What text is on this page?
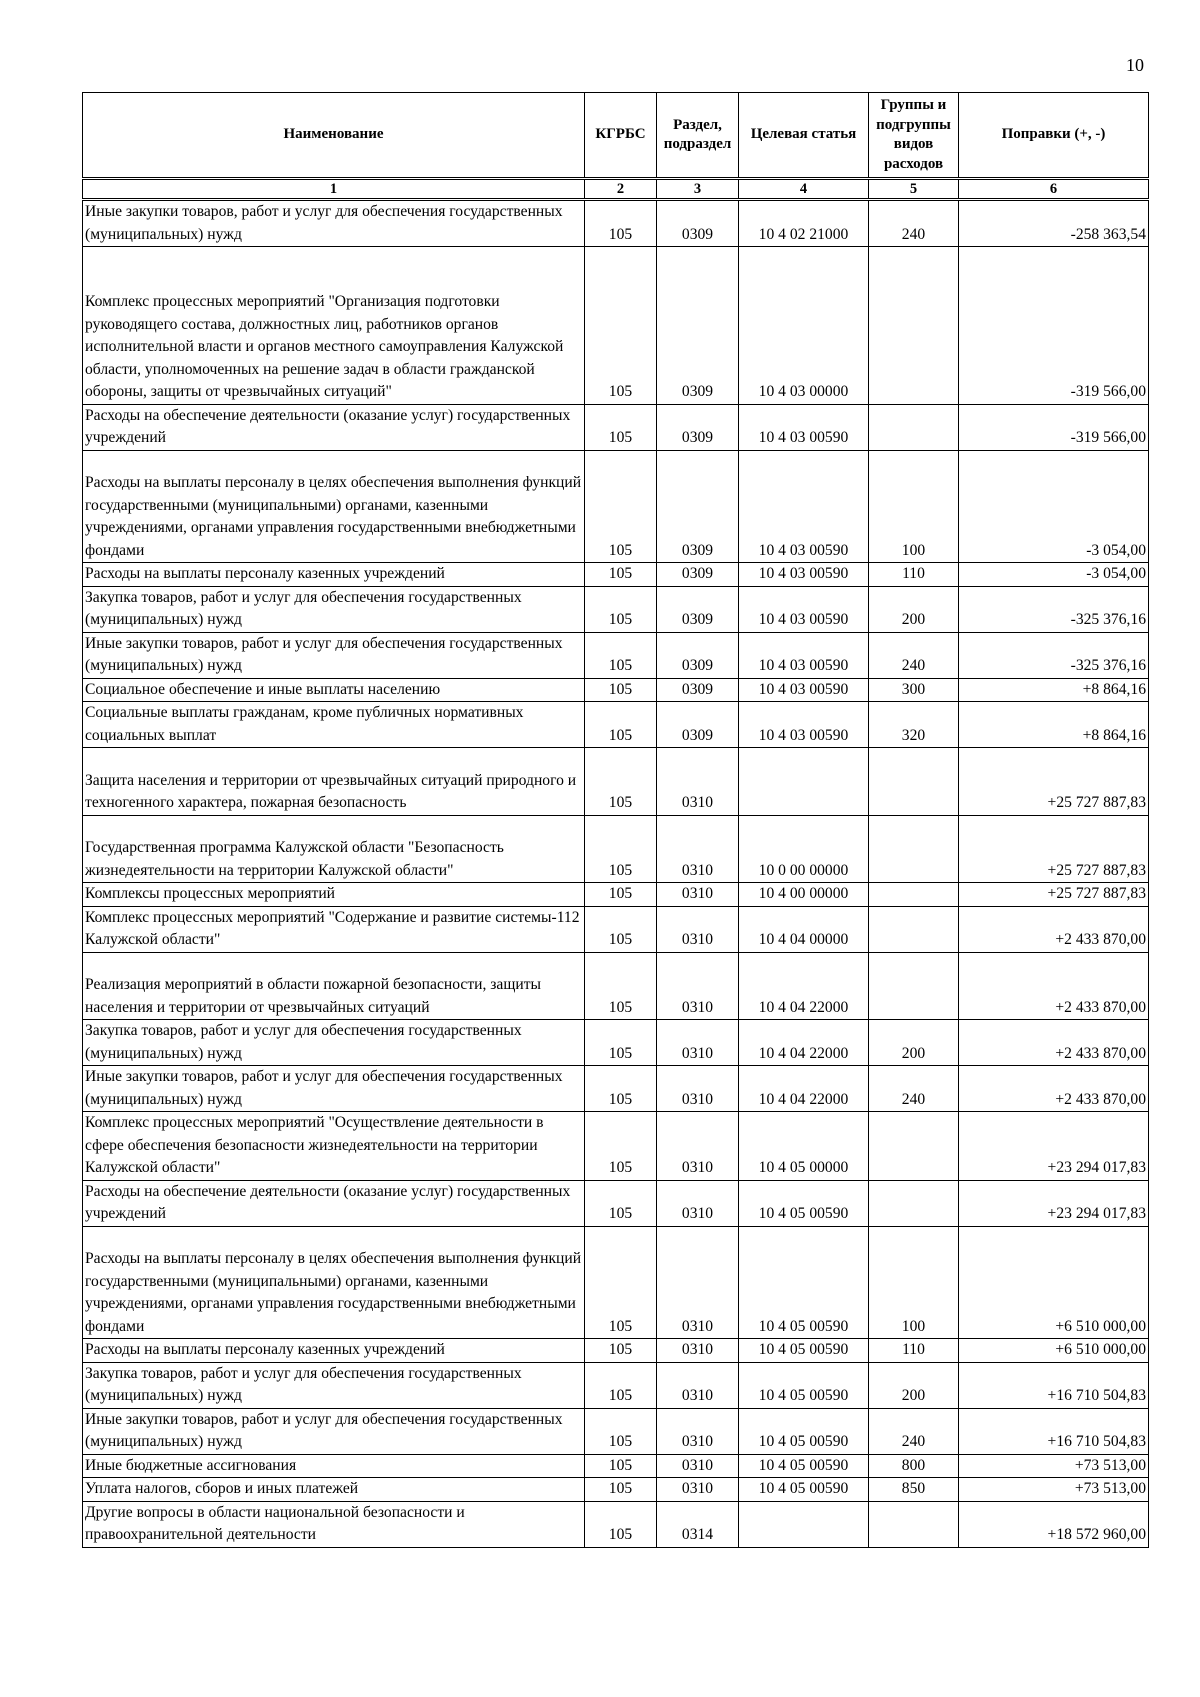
10
Наименование	КГРБС	Раздел, подраздел	Целевая статья	Группы и подгруппы видов расходов	Поправки (+, -)
1	2	3	4	5	6
Иные закупки товаров, работ и услуг для обеспечения государственных (муниципальных) нужд	105	0309	10 4 02 21000	240	-258 363,54
Комплекс процессных мероприятий "Организация подготовки руководящего состава, должностных лиц, работников органов исполнительной власти и органов местного самоуправления Калужской области, уполномоченных на решение задач в области гражданской обороны, защиты от чрезвычайных ситуаций"	105	0309	10 4 03 00000		-319 566,00
Расходы на обеспечение деятельности (оказание услуг) государственных учреждений	105	0309	10 4 03 00590		-319 566,00
Расходы на выплаты персоналу в целях обеспечения выполнения функций государственными (муниципальными) органами, казенными учреждениями, органами управления государственными внебюджетными фондами	105	0309	10 4 03 00590	100	-3 054,00
Расходы на выплаты персоналу казенных учреждений	105	0309	10 4 03 00590	110	-3 054,00
Закупка товаров, работ и услуг для обеспечения государственных (муниципальных) нужд	105	0309	10 4 03 00590	200	-325 376,16
Иные закупки товаров, работ и услуг для обеспечения государственных (муниципальных) нужд	105	0309	10 4 03 00590	240	-325 376,16
Социальное обеспечение и иные выплаты населению	105	0309	10 4 03 00590	300	+8 864,16
Социальные выплаты гражданам, кроме публичных нормативных социальных выплат	105	0309	10 4 03 00590	320	+8 864,16
Защита населения и территории от чрезвычайных ситуаций природного и техногенного характера, пожарная безопасность	105	0310			+25 727 887,83
Государственная программа Калужской области "Безопасность жизнедеятельности на территории Калужской области"	105	0310	10 0 00 00000		+25 727 887,83
Комплексы процессных мероприятий	105	0310	10 4 00 00000		+25 727 887,83
Комплекс процессных мероприятий "Содержание и развитие системы-112 Калужской области"	105	0310	10 4 04 00000		+2 433 870,00
Реализация мероприятий в области пожарной безопасности, защиты населения и территории от чрезвычайных ситуаций	105	0310	10 4 04 22000		+2 433 870,00
Закупка товаров, работ и услуг для обеспечения государственных (муниципальных) нужд	105	0310	10 4 04 22000	200	+2 433 870,00
Иные закупки товаров, работ и услуг для обеспечения государственных (муниципальных) нужд	105	0310	10 4 04 22000	240	+2 433 870,00
Комплекс процессных мероприятий "Осуществление деятельности в сфере обеспечения безопасности жизнедеятельности на территории Калужской области"	105	0310	10 4 05 00000		+23 294 017,83
Расходы на обеспечение деятельности (оказание услуг) государственных учреждений	105	0310	10 4 05 00590		+23 294 017,83
Расходы на выплаты персоналу в целях обеспечения выполнения функций государственными (муниципальными) органами, казенными учреждениями, органами управления государственными внебюджетными фондами	105	0310	10 4 05 00590	100	+6 510 000,00
Расходы на выплаты персоналу казенных учреждений	105	0310	10 4 05 00590	110	+6 510 000,00
Закупка товаров, работ и услуг для обеспечения государственных (муниципальных) нужд	105	0310	10 4 05 00590	200	+16 710 504,83
Иные закупки товаров, работ и услуг для обеспечения государственных (муниципальных) нужд	105	0310	10 4 05 00590	240	+16 710 504,83
Иные бюджетные ассигнования	105	0310	10 4 05 00590	800	+73 513,00
Уплата налогов, сборов и иных платежей	105	0310	10 4 05 00590	850	+73 513,00
Другие вопросы в области национальной безопасности и правоохранительной деятельности	105	0314			+18 572 960,00
